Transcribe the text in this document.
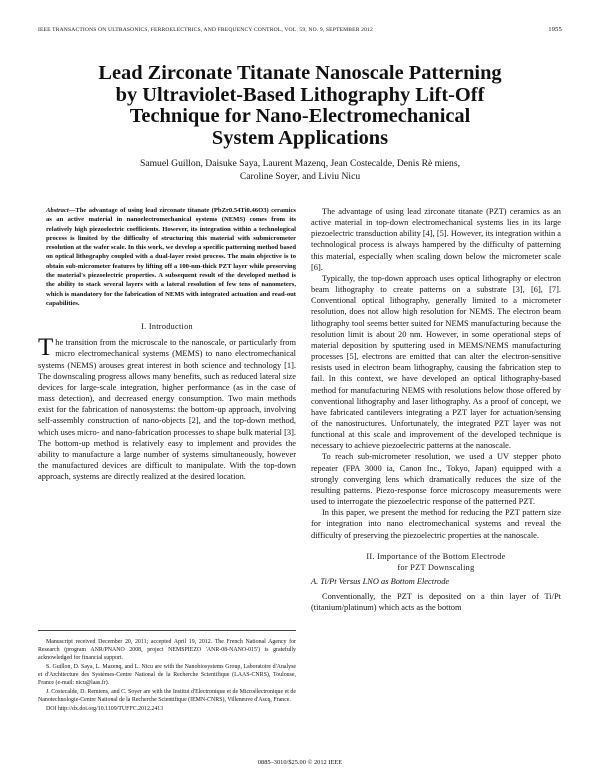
IEEE TRANSACTIONS ON ULTRASONICS, FERROELECTRICS, AND FREQUENCY CONTROL, VOL. 59, NO. 9, SEPTEMBER 2012	1955
Lead Zirconate Titanate Nanoscale Patterning
by Ultraviolet-Based Lithography Lift-Off
Technique for Nano-Electromechanical
System Applications
Samuel Guillon, Daisuke Saya, Laurent Mazenq, Jean Costecalde, Denis Rè miens,
Caroline Soyer, and Liviu Nicu
Abstract—The advantage of using lead zirconate titanate (PbZr0.54Ti0.46O3) ceramics as an active material in nanoelectromechanical systems (NEMS) comes from its relatively high piezoelectric coefficients. However, its integration within a technological process is limited by the difficulty of structuring this material with submicrometer resolution at the wafer scale. In this work, we develop a specific patterning method based on optical lithography coupled with a dual-layer resist process. The main objective is to obtain sub-micrometer features by lifting off a 100-nm-thick PZT layer while preserving the material's piezoelectric properties. A subsequent result of the developed method is the ability to stack several layers with a lateral resolution of few tens of nanometers, which is mandatory for the fabrication of NEMS with integrated actuation and read-out capabilities.
I. Introduction

The transition from the microscale to the nanoscale, or particularly from micro electromechanical systems (MEMS) to nano electromechanical systems (NEMS) arouses great interest in both science and technology [1]. The downscaling progress allows many benefits, such as reduced lateral size devices for large-scale integration, higher performance (as in the case of mass detection), and decreased energy consumption. Two main methods exist for the fabrication of nanosystems: the bottom-up approach, involving self-assembly construction of nano-objects [2], and the top-down method, which uses micro- and nano-fabrication processes to shape bulk material [3]. The bottom-up method is relatively easy to implement and provides the ability to manufacture a large number of systems simultaneously, however the manufactured devices are difficult to manipulate. With the top-down approach, systems are directly realized at the desired location.

Manuscript received December 20, 2011; accepted April 19, 2012. The French National Agency for Research (program ANR/PNANO 2008, project NEMSPIEZO 'ANR-08-NANO-015') is gratefully acknowledged for financial support.

S. Guillon, D. Saya, L. Mazenq, and L. Nicu are with the Nanobiosystems Group, Laboratoire d'Analyse et d'Architecture des Systèmes-Centre National de la Recherche Scientifique (LAAS-CNRS), Toulouse, France (e-mail: nicu@laas.fr).

J. Costecalde, D. Remiens, and C. Soyer are with the Institut d'Electronique et de Microélectronique et de Nanotechnologie-Centre National de la Recherche Scientifique (IEMN-CNRS), Villeneuve d'Ascq, France.

DOI http://dx.doi.org/10.1109/TUFFC.2012.2413

The advantage of using lead zirconate titanate (PZT) ceramics as an active material in top-down electromechanical systems lies in its large piezoelectric transduction ability [4], [5]. However, its integration within a technological process is always hampered by the difficulty of patterning this material, especially when scaling down below the micrometer scale [6].

Typically, the top-down approach uses optical lithography or electron beam lithography to create patterns on a substrate [3], [6], [7]. Conventional optical lithography, generally limited to a micrometer resolution, does not allow high resolution for NEMS. The electron beam lithography tool seems better suited for NEMS manufacturing because the resolution limit is about 20 nm. However, in some operational steps of material deposition by sputtering used in MEMS/NEMS manufacturing processes [5], electrons are emitted that can alter the electron-sensitive resists used in electron beam lithography, causing the fabrication step to fail. In this context, we have developed an optical lithography-based method for manufacturing NEMS with resolutions below those offered by conventional lithography and laser lithography. As a proof of concept, we have fabricated cantilevers integrating a PZT layer for actuation/sensing of the nanostructures. Unfortunately, the integrated PZT layer was not functional at this scale and improvement of the developed technique is necessary to achieve piezoelectric patterns at the nanoscale.

To reach sub-micrometer resolution, we used a UV stepper photo repeater (FPA 3000 ia, Canon Inc., Tokyo, Japan) equipped with a strongly converging lens which dramatically reduces the size of the resulting patterns. Piezo-response force microscopy measurements were used to interrogate the piezoelectric response of the patterned PZT.

In this paper, we present the method for reducing the PZT pattern size for integration into nano electromechanical systems and reveal the difficulty of preserving the piezoelectric properties at the nanoscale.

II. Importance of the Bottom Electrode
for PZT Downscaling
A. Ti/Pt Versus LNO as Bottom Electrode

Conventionally, the PZT is deposited on a thin layer of Ti/Pt (titanium/platinum) which acts as the bottom

0885–3010/$25.00 © 2012 IEEE
